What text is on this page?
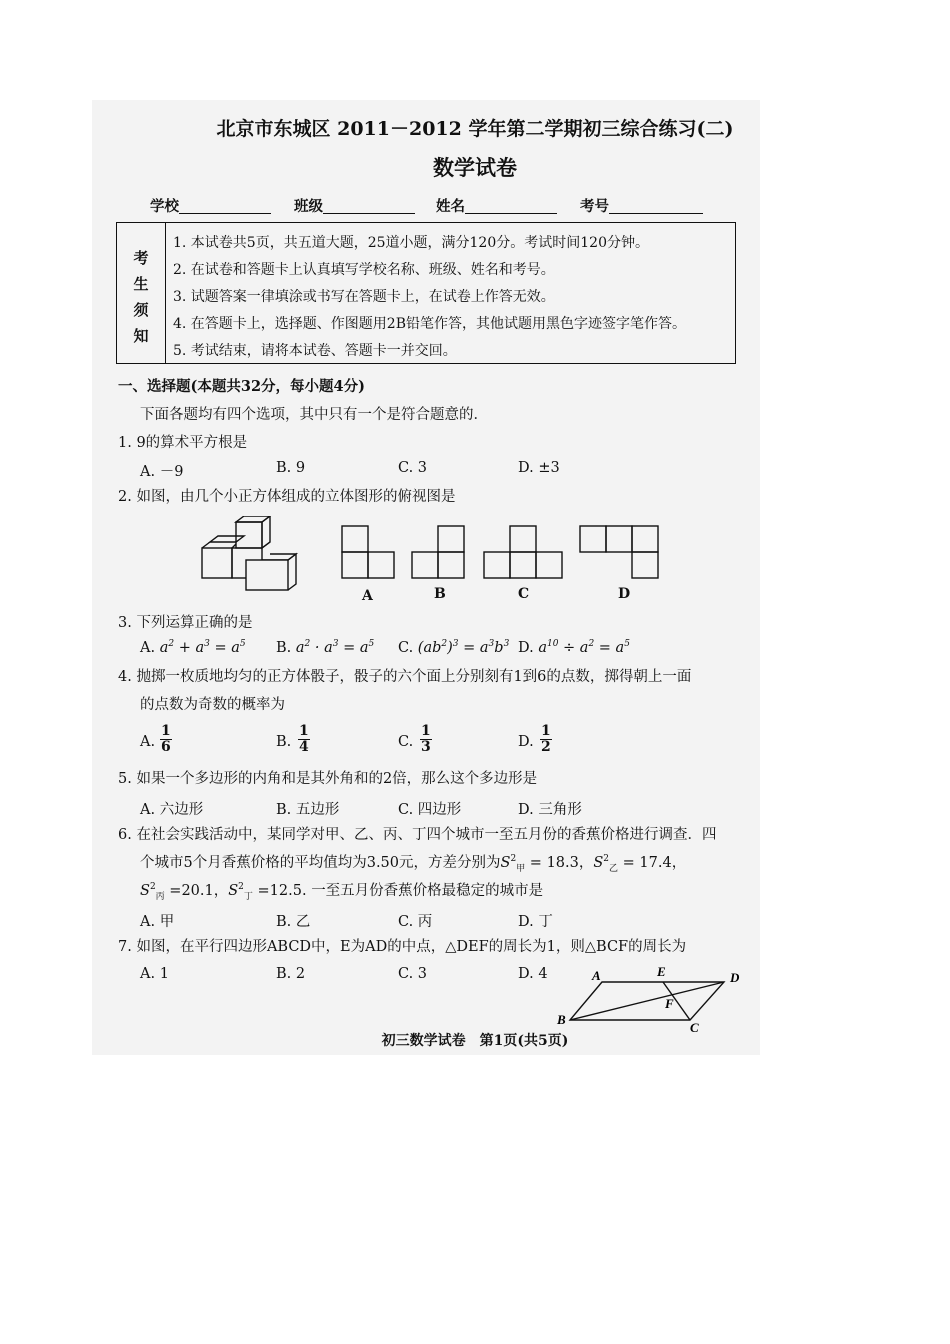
北京市东城区 2011－2012 学年第二学期初三综合练习(二)
数学试卷
学校	班级	姓名	考号
考
生
须
知
1. 本试卷共5页，共五道大题，25道小题，满分120分。考试时间120分钟。
2. 在试卷和答题卡上认真填写学校名称、班级、姓名和考号。
3. 试题答案一律填涂或书写在答题卡上，在试卷上作答无效。
4. 在答题卡上，选择题、作图题用2B铅笔作答，其他试题用黑色字迹签字笔作答。
5. 考试结束，请将本试卷、答题卡一并交回。
一、选择题(本题共32分，每小题4分)
下面各题均有四个选项，其中只有一个是符合题意的．
1. 9的算术平方根是
A. －9	B. 9	C. 3	D. ±3
2. 如图，由几个小正方体组成的立体图形的俯视图是
A	B	C	D
3. 下列运算正确的是
A. $a^2 + a^3 = a^5$ B. $a^2 \cdot a^3 = a^5$ C. $(ab^2)^3 = a^3b^3$ D. $a^{10} \div a^2 = a^5$
4. 抛掷一枚质地均匀的正方体骰子，骰子的六个面上分别刻有1到6的点数，掷得朝上一面
的点数为奇数的概率为
A. $\frac{1}{6}$	B. $\frac{1}{4}$	C. $\frac{1}{3}$	D. $\frac{1}{2}$
5. 如果一个多边形的内角和是其外角和的2倍，那么这个多边形是
A. 六边形	B. 五边形	C. 四边形	D. 三角形
6. 在社会实践活动中，某同学对甲、乙、丙、丁四个城市一至五月份的香蕉价格进行调查．四
个城市5个月香蕉价格的平均值均为3.50元，方差分别为$S^2_甲 = 18.3$，$S^2_乙 = 17.4$，
$S^2_丙 =20.1$，$S^2_丁 =12.5$. 一至五月份香蕉价格最稳定的城市是
A. 甲	B. 乙	C. 丙	D. 丁
7. 如图，在平行四边形ABCD中，E为AD的中点，△DEF的周长为1，则△BCF的周长为
A. 1	B. 2	C. 3	D. 4	A	E	D
F
B
C
初三数学试卷　第1页(共5页)
